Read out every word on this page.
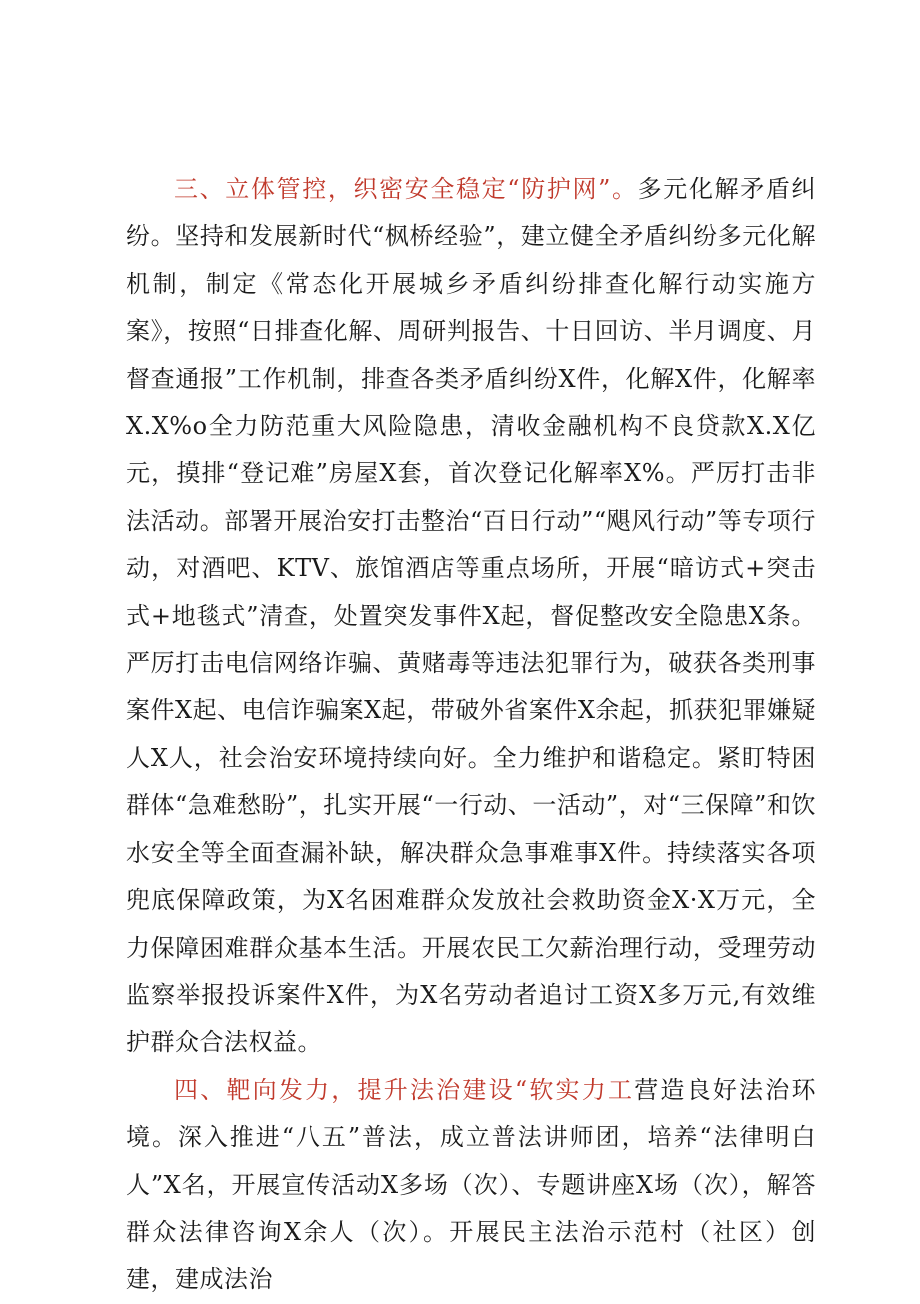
三、立体管控，织密安全稳定“防护网”。多元化解矛盾纠纷。坚持和发展新时代“枫桥经验”，建立健全矛盾纠纷多元化解机制，制定《常态化开展城乡矛盾纠纷排查化解行动实施方案》，按照“日排查化解、周研判报告、十日回访、半月调度、月督查通报”工作机制，排查各类矛盾纠纷X件，化解X件，化解率X.X%o全力防范重大风险隐患，清收金融机构不良贷款X.X亿元，摸排“登记难”房屋X套，首次登记化解率X%。严厉打击非法活动。部署开展治安打击整治“百日行动”“飓风行动”等专项行动，对酒吧、KTV、旅馆酒店等重点场所，开展“暗访式+突击式+地毯式”清查，处置突发事件X起，督促整改安全隐患X条。严厉打击电信网络诈骗、黄赌毒等违法犯罪行为，破获各类刑事案件X起、电信诈骗案X起，带破外省案件X余起，抓获犯罪嫌疑人X人，社会治安环境持续向好。全力维护和谐稳定。紧盯特困群体“急难愁盼”，扎实开展“一行动、一活动”，对“三保障”和饮水安全等全面查漏补缺，解决群众急事难事X件。持续落实各项兜底保障政策，为X名困难群众发放社会救助资金X·X万元，全力保障困难群众基本生活。开展农民工欠薪治理行动，受理劳动监察举报投诉案件X件，为X名劳动者追讨工资X多万元,有效维护群众合法权益。

四、靶向发力，提升法治建设“软实力工营造良好法治环境。深入推进“八五”普法，成立普法讲师团，培养“法律明白人”X名，开展宣传活动X多场（次）、专题讲座X场（次），解答群众法律咨询X余人（次）。开展民主法治示范村（社区）创建，建成法治
